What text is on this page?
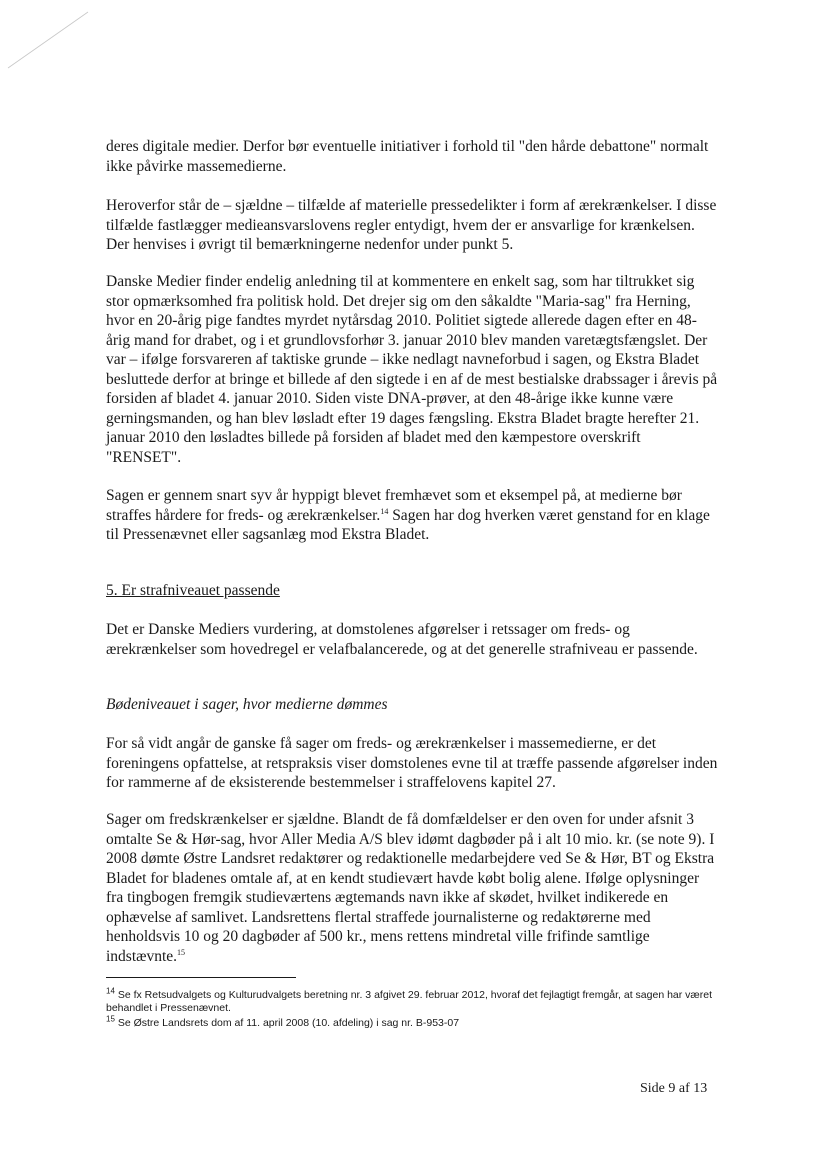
deres digitale medier. Derfor bør eventuelle initiativer i forhold til "den hårde debattone" normalt ikke påvirke massemedierne.

Heroverfor står de – sjældne – tilfælde af materielle pressedelikter i form af ærekrænkelser. I disse tilfælde fastlægger medieansvarslovens regler entydigt, hvem der er ansvarlige for krænkelsen. Der henvises i øvrigt til bemærkningerne nedenfor under punkt 5.

Danske Medier finder endelig anledning til at kommentere en enkelt sag, som har tiltrukket sig stor opmærksomhed fra politisk hold. Det drejer sig om den såkaldte "Maria-sag" fra Herning, hvor en 20-årig pige fandtes myrdet nytårsdag 2010. Politiet sigtede allerede dagen efter en 48-årig mand for drabet, og i et grundlovsforhør 3. januar 2010 blev manden varetægtsfængslet. Der var – ifølge forsvareren af taktiske grunde – ikke nedlagt navneforbud i sagen, og Ekstra Bladet besluttede derfor at bringe et billede af den sigtede i en af de mest bestialske drabssager i årevis på forsiden af bladet 4. januar 2010. Siden viste DNA-prøver, at den 48-årige ikke kunne være gerningsmanden, og han blev løsladt efter 19 dages fængsling. Ekstra Bladet bragte herefter 21. januar 2010 den løsladtes billede på forsiden af bladet med den kæmpestore overskrift "RENSET".

Sagen er gennem snart syv år hyppigt blevet fremhævet som et eksempel på, at medierne bør straffes hårdere for freds- og ærekrænkelser.$^{14}$ Sagen har dog hverken været genstand for en klage til Pressenævnet eller sagsanlæg mod Ekstra Bladet.

5. Er strafniveauet passende

Det er Danske Mediers vurdering, at domstolenes afgørelser i retssager om freds- og ærekrænkelser som hovedregel er velafbalancerede, og at det generelle strafniveau er passende.

Bødeniveauet i sager, hvor medierne dømmes

For så vidt angår de ganske få sager om freds- og ærekrænkelser i massemedierne, er det foreningens opfattelse, at retspraksis viser domstolenes evne til at træffe passende afgørelser inden for rammerne af de eksisterende bestemmelser i straffelovens kapitel 27.

Sager om fredskrænkelser er sjældne. Blandt de få domfældelser er den oven for under afsnit 3 omtalte Se & Hør-sag, hvor Aller Media A/S blev idømt dagbøder på i alt 10 mio. kr. (se note 9). I 2008 dømte Østre Landsret redaktører og redaktionelle medarbejdere ved Se & Hør, BT og Ekstra Bladet for bladenes omtale af, at en kendt studievært havde købt bolig alene. Ifølge oplysninger fra tingbogen fremgik studieværtens ægtemands navn ikke af skødet, hvilket indikerede en ophævelse af samlivet. Landsrettens flertal straffede journalisterne og redaktørerne med henholdsvis 10 og 20 dagbøder af 500 kr., mens rettens mindretal ville frifinde samtlige indstævnte.$^{15}$

$^{14}$ Se fx Retsudvalgets og Kulturudvalgets beretning nr. 3 afgivet 29. februar 2012, hvoraf det fejlagtigt fremgår, at sagen har været behandlet i Pressenævnet.

$^{15}$ Se Østre Landsrets dom af 11. april 2008 (10. afdeling) i sag nr. B-953-07

Side 9 af 13
